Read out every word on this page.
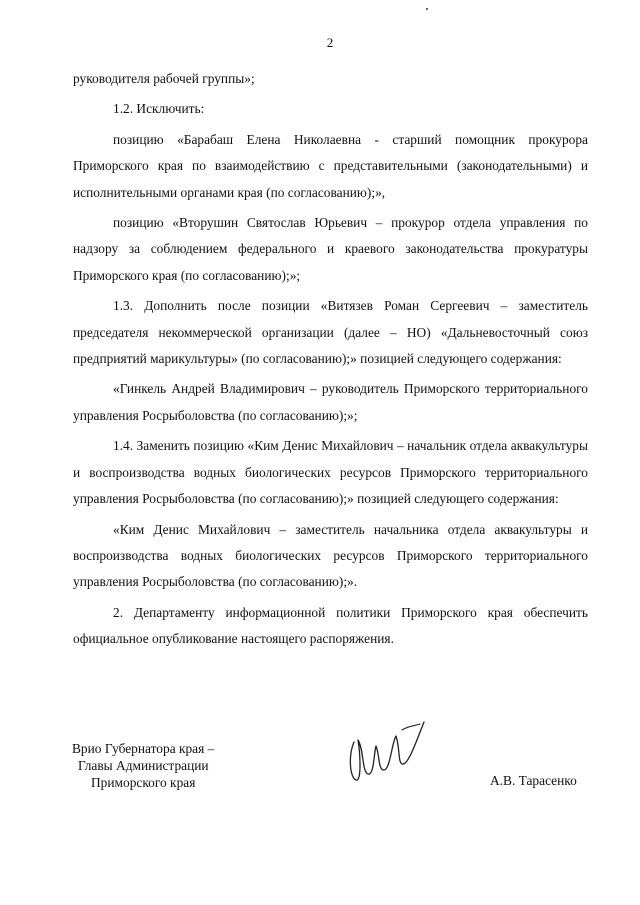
2

руководителя рабочей группы»;

1.2. Исключить:

позицию «Барабаш Елена Николаевна - старший помощник прокурора Приморского края по взаимодействию с представительными (законодательными) и исполнительными органами края (по согласованию);»,

позицию «Вторушин Святослав Юрьевич – прокурор отдела управления по надзору за соблюдением федерального и краевого законодательства прокуратуры Приморского края (по согласованию);»;

1.3. Дополнить после позиции «Витязев Роман Сергеевич – заместитель председателя некоммерческой организации (далее – НО) «Дальневосточный союз предприятий марикультуры» (по согласованию);» позицией следующего содержания:

«Гинкель Андрей Владимирович – руководитель Приморского территориального управления Росрыболовства (по согласованию);»;

1.4. Заменить позицию «Ким Денис Михайлович – начальник отдела аквакультуры и воспроизводства водных биологических ресурсов Приморского территориального управления Росрыболовства (по согласованию);» позицией следующего содержания:

«Ким Денис Михайлович – заместитель начальника отдела аквакультуры и воспроизводства водных биологических ресурсов Приморского территориального управления Росрыболовства (по согласованию);».

2. Департаменту информационной политики Приморского края обеспечить официальное опубликование настоящего распоряжения.

Врио Губернатора края –
Главы Администрации
Приморского края	А.В. Тарасенко
